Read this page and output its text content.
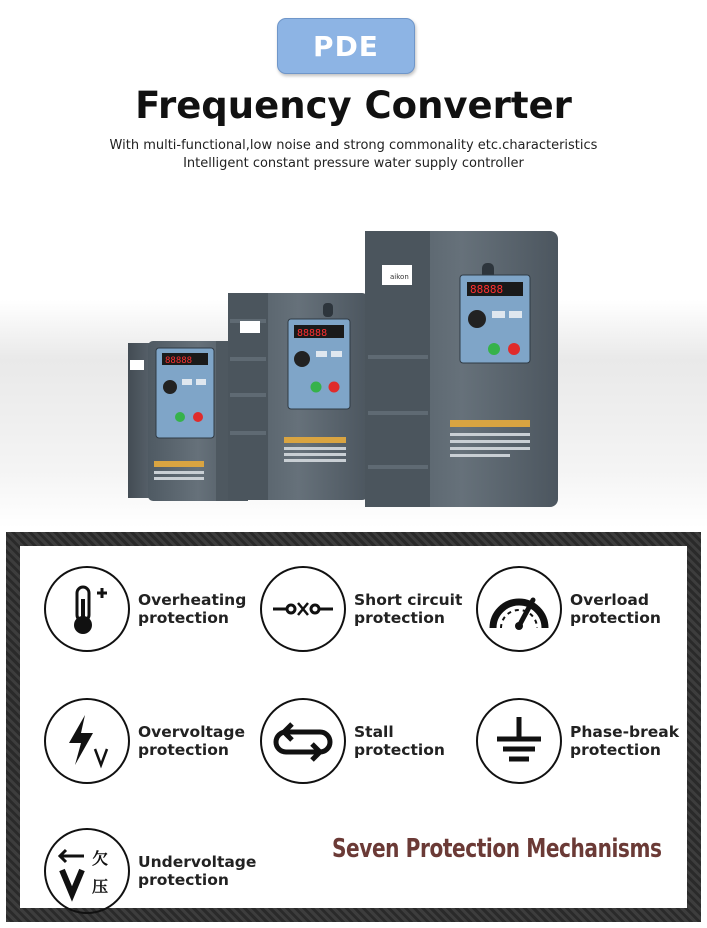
PDE
Frequency Converter
With multi-functional,low noise and strong commonality etc.characteristics
Intelligent constant pressure water supply controller
88888
88888
88888
aikon
Overheating
protection
Short circuit
protection
Overload
protection
Overvoltage
protection
Stall
protection
Phase-break
protection
欠
压
Undervoltage
protection
Seven Protection Mechanisms
